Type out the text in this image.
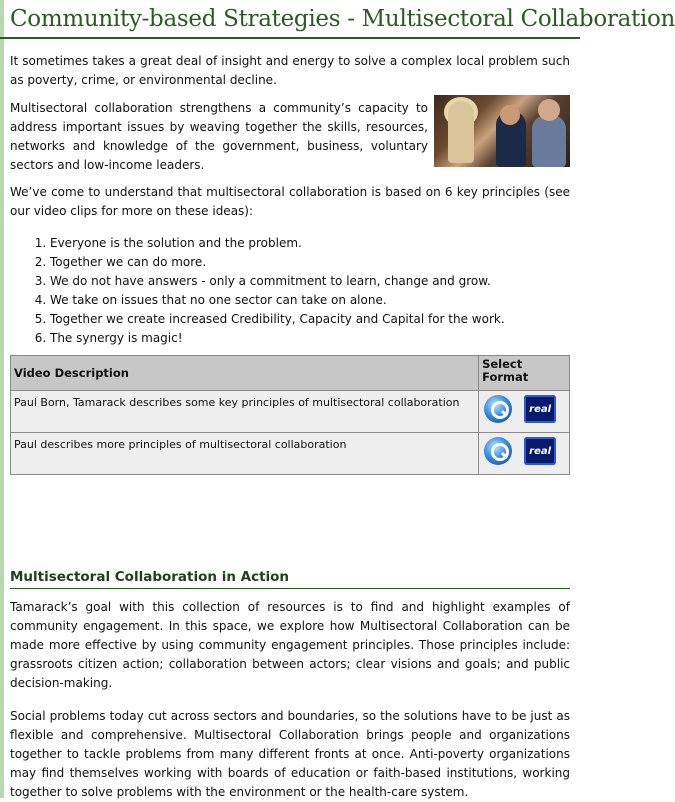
Community-based Strategies - Multisectoral Collaboration

It sometimes takes a great deal of insight and energy to solve a complex local problem such as poverty, crime, or environmental decline.

Multisectoral collaboration strengthens a community’s capacity to address important issues by weaving together the skills, resources, networks and knowledge of the government, business, voluntary sectors and low-income leaders.

We’ve come to understand that multisectoral collaboration is based on 6 key principles (see our video clips for more on these ideas):

1. Everyone is the solution and the problem.
2. Together we can do more.
3. We do not have answers - only a commitment to learn, change and grow.
4. We take on issues that no one sector can take on alone.
5. Together we create increased Credibility, Capacity and Capital for the work.
6. The synergy is magic!
Video Description	Select Format
Paul Born, Tamarack describes some key principles of multisectoral collaboration	real

Paul describes more principles of multisectoral collaboration	real
Multisectoral Collaboration in Action

Tamarack’s goal with this collection of resources is to find and highlight examples of community engagement. In this space, we explore how Multisectoral Collaboration can be made more effective by using community engagement principles. Those principles include: grassroots citizen action; collaboration between actors; clear visions and goals; and public decision-making.

Social problems today cut across sectors and boundaries, so the solutions have to be just as flexible and comprehensive. Multisectoral Collaboration brings people and organizations together to tackle problems from many different fronts at once. Anti-poverty organizations may find themselves working with boards of education or faith-based institutions, working together to solve problems with the environment or the health-care system.
